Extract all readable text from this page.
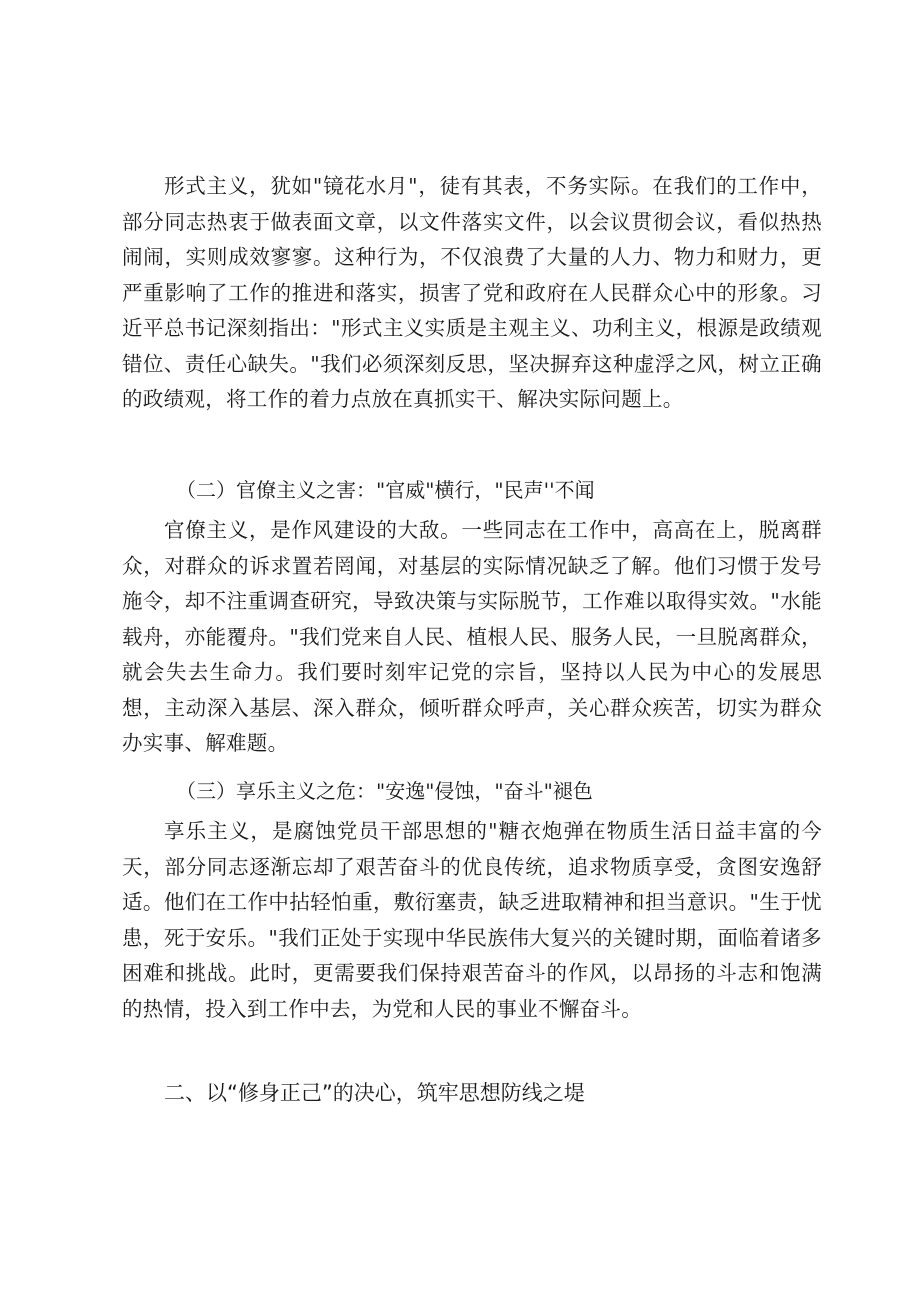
形式主义，犹如"镜花水月"，徒有其表，不务实际。在我们的工作中，部分同志热衷于做表面文章，以文件落实文件，以会议贯彻会议，看似热热闹闹，实则成效寥寥。这种行为，不仅浪费了大量的人力、物力和财力，更严重影响了工作的推进和落实，损害了党和政府在人民群众心中的形象。习近平总书记深刻指出："形式主义实质是主观主义、功利主义，根源是政绩观错位、责任心缺失。"我们必须深刻反思，坚决摒弃这种虚浮之风，树立正确的政绩观，将工作的着力点放在真抓实干、解决实际问题上。

（二）官僚主义之害："官威"横行，"民声''不闻

官僚主义，是作风建设的大敌。一些同志在工作中，高高在上，脱离群众，对群众的诉求置若罔闻，对基层的实际情况缺乏了解。他们习惯于发号施令，却不注重调查研究，导致决策与实际脱节，工作难以取得实效。"水能载舟，亦能覆舟。"我们党来自人民、植根人民、服务人民，一旦脱离群众，就会失去生命力。我们要时刻牢记党的宗旨，坚持以人民为中心的发展思想，主动深入基层、深入群众，倾听群众呼声，关心群众疾苦，切实为群众办实事、解难题。

（三）享乐主义之危："安逸"侵蚀，"奋斗"褪色

享乐主义，是腐蚀党员干部思想的"糖衣炮弹在物质生活日益丰富的今天，部分同志逐渐忘却了艰苦奋斗的优良传统，追求物质享受，贪图安逸舒适。他们在工作中拈轻怕重，敷衍塞责，缺乏进取精神和担当意识。"生于忧患，死于安乐。"我们正处于实现中华民族伟大复兴的关键时期，面临着诸多困难和挑战。此时，更需要我们保持艰苦奋斗的作风，以昂扬的斗志和饱满的热情，投入到工作中去，为党和人民的事业不懈奋斗。

二、以“修身正己”的决心，筑牢思想防线之堤
